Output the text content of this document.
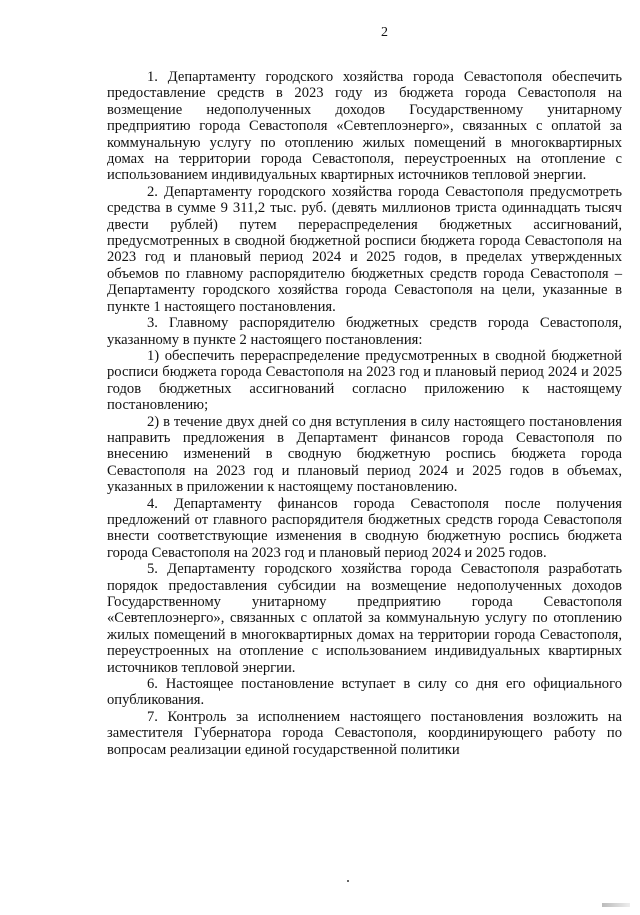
2

1. Департаменту городского хозяйства города Севастополя обеспечить предоставление средств в 2023 году из бюджета города Севастополя на возмещение недополученных доходов Государственному унитарному предприятию города Севастополя «Севтеплоэнерго», связанных с оплатой за коммунальную услугу по отоплению жилых помещений в многоквартирных домах на территории города Севастополя, переустроенных на отопление с использованием индивидуальных квартирных источников тепловой энергии.

2. Департаменту городского хозяйства города Севастополя предусмотреть средства в сумме 9 311,2 тыс. руб. (девять миллионов триста одиннадцать тысяч двести рублей) путем перераспределения бюджетных ассигнований, предусмотренных в сводной бюджетной росписи бюджета города Севастополя на 2023 год и плановый период 2024 и 2025 годов, в пределах утвержденных объемов по главному распорядителю бюджетных средств города Севастополя – Департаменту городского хозяйства города Севастополя на цели, указанные в пункте 1 настоящего постановления.

3. Главному распорядителю бюджетных средств города Севастополя, указанному в пункте 2 настоящего постановления:

1) обеспечить перераспределение предусмотренных в сводной бюджетной росписи бюджета города Севастополя на 2023 год и плановый период 2024 и 2025 годов бюджетных ассигнований согласно приложению к настоящему постановлению;

2) в течение двух дней со дня вступления в силу настоящего постановления направить предложения в Департамент финансов города Севастополя по внесению изменений в сводную бюджетную роспись бюджета города Севастополя на 2023 год и плановый период 2024 и 2025 годов в объемах, указанных в приложении к настоящему постановлению.

4. Департаменту финансов города Севастополя после получения предложений от главного распорядителя бюджетных средств города Севастополя внести соответствующие изменения в сводную бюджетную роспись бюджета города Севастополя на 2023 год и плановый период 2024 и 2025 годов.

5. Департаменту городского хозяйства города Севастополя разработать порядок предоставления субсидии на возмещение недополученных доходов Государственному унитарному предприятию города Севастополя «Севтеплоэнерго», связанных с оплатой за коммунальную услугу по отоплению жилых помещений в многоквартирных домах на территории города Севастополя, переустроенных на отопление с использованием индивидуальных квартирных источников тепловой энергии.

6. Настоящее постановление вступает в силу со дня его официального опубликования.

7. Контроль за исполнением настоящего постановления возложить на заместителя Губернатора города Севастополя, координирующего работу по вопросам реализации единой государственной политики
